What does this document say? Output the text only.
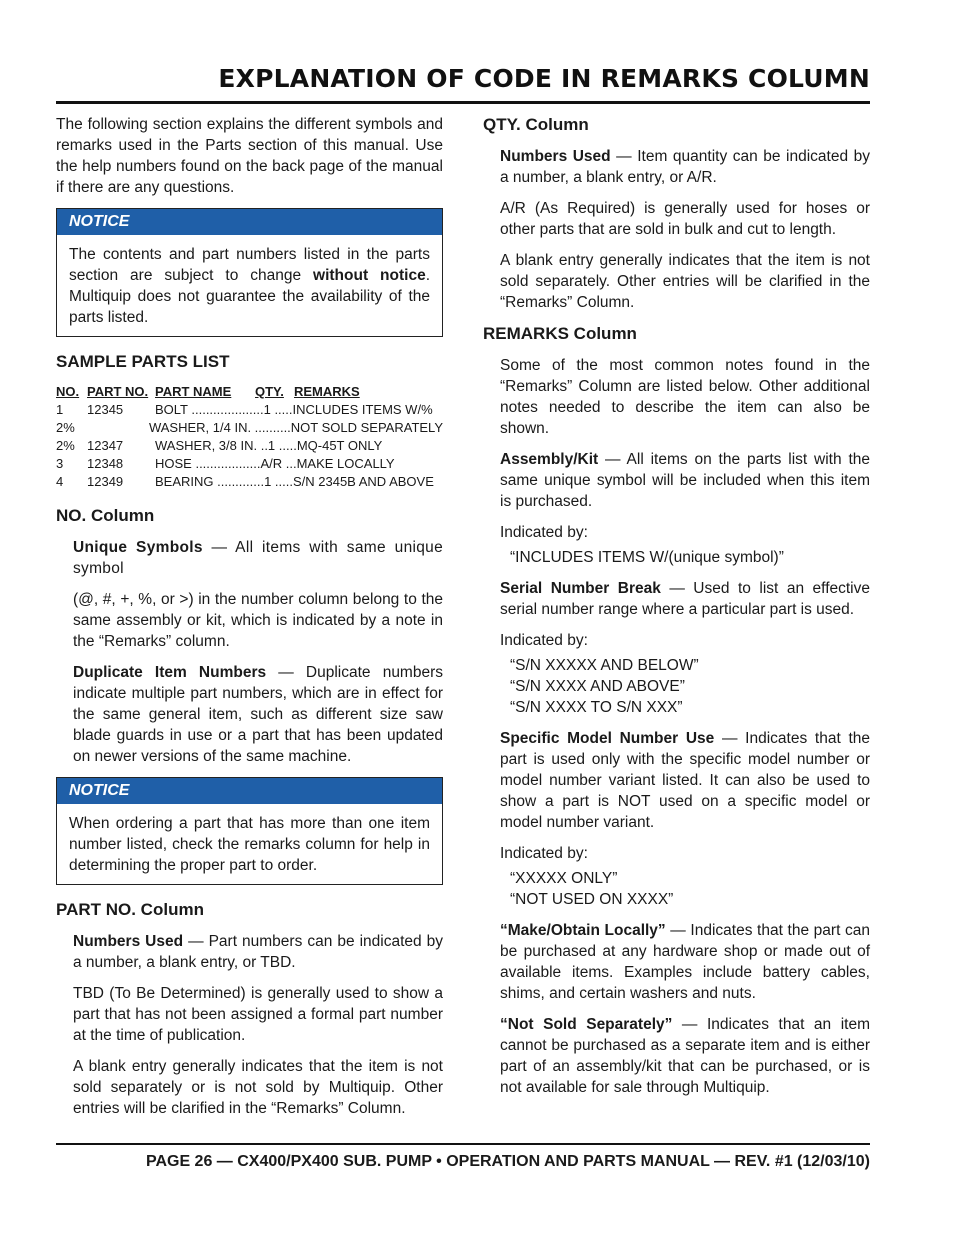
EXPLANATION OF CODE IN REMARKS COLUMN

The following section explains the different symbols and remarks used in the Parts section of this manual. Use the help numbers found on the back page of the manual if there are any questions.

NOTICE
The contents and part numbers listed in the parts section are subject to change without notice. Multiquip does not guarantee the availability of the parts listed.
SAMPLE PARTS LIST
NO. PART NO. PART NAME	QTY. REMARKS
1	12345	BOLT ....................1 .....INCLUDES ITEMS W/%
2%	WASHER, 1/4 IN. ..........NOT SOLD SEPARATELY
2% 12347	WASHER, 3/8 IN. ..1 .....MQ-45T ONLY
3	12348	HOSE ..................A/R ...MAKE LOCALLY
4	12349	BEARING .............1 .....S/N 2345B AND ABOVE
NO. Column

Unique Symbols — All items with same unique symbol

(@, #, +, %, or >) in the number column belong to the same assembly or kit, which is indicated by a note in the “Remarks” column.

Duplicate Item Numbers — Duplicate numbers indicate multiple part numbers, which are in effect for the same general item, such as different size saw blade guards in use or a part that has been updated on newer versions of the same machine.

NOTICE
When ordering a part that has more than one item number listed, check the remarks column for help in determining the proper part to order.
PART NO. Column

Numbers Used — Part numbers can be indicated by a number, a blank entry, or TBD.

TBD (To Be Determined) is generally used to show a part that has not been assigned a formal part number at the time of publication.

A blank entry generally indicates that the item is not sold separately or is not sold by Multiquip. Other entries will be clarified in the “Remarks” Column.

QTY. Column

Numbers Used — Item quantity can be indicated by a number, a blank entry, or A/R.

A/R (As Required) is generally used for hoses or other parts that are sold in bulk and cut to length.

A blank entry generally indicates that the item is not sold separately. Other entries will be clarified in the “Remarks” Column.

REMARKS Column

Some of the most common notes found in the “Remarks” Column are listed below. Other additional notes needed to describe the item can also be shown.

Assembly/Kit — All items on the parts list with the same unique symbol will be included when this item is purchased.

Indicated by:

“INCLUDES ITEMS W/(unique symbol)”

Serial Number Break — Used to list an effective serial number range where a particular part is used.

Indicated by:

“S/N XXXXX AND BELOW”
“S/N XXXX AND ABOVE”
“S/N XXXX TO S/N XXX”

Specific Model Number Use — Indicates that the part is used only with the specific model number or model number variant listed. It can also be used to show a part is NOT used on a specific model or model number variant.

Indicated by:

“XXXXX ONLY”
“NOT USED ON XXXX”

“Make/Obtain Locally” — Indicates that the part can be purchased at any hardware shop or made out of available items. Examples include battery cables, shims, and certain washers and nuts.

“Not Sold Separately” — Indicates that an item cannot be purchased as a separate item and is either part of an assembly/kit that can be purchased, or is not available for sale through Multiquip.

PAGE 26 — CX400/PX400 SUB. PUMP • OPERATION AND PARTS MANUAL — REV. #1 (12/03/10)
